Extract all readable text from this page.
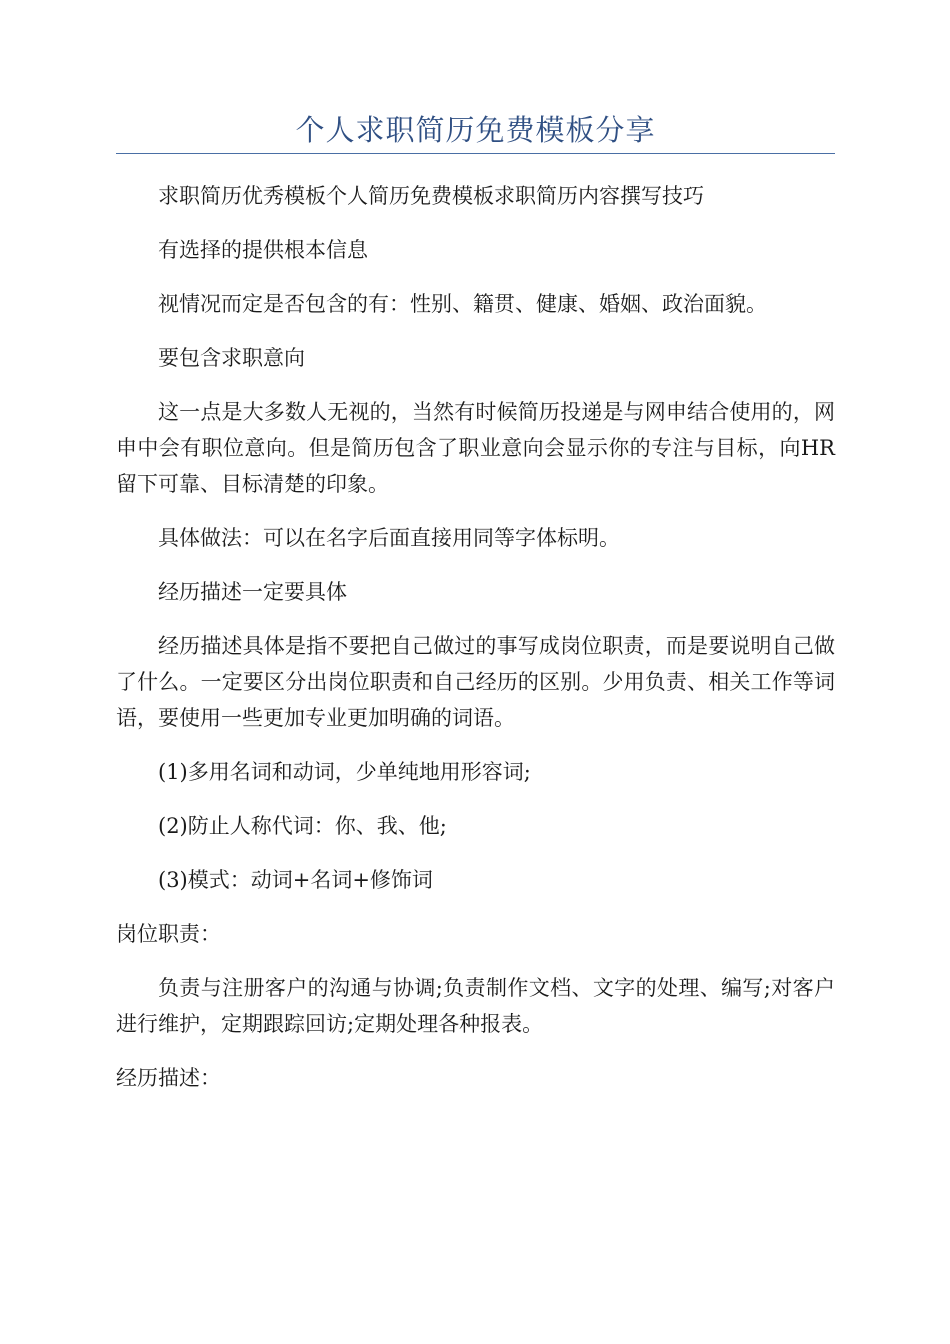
个人求职简历免费模板分享

求职简历优秀模板个人简历免费模板求职简历内容撰写技巧

有选择的提供根本信息

视情况而定是否包含的有：性别、籍贯、健康、婚姻、政治面貌。

要包含求职意向

这一点是大多数人无视的，当然有时候简历投递是与网申结合使用的，网申中会有职位意向。但是简历包含了职业意向会显示你的专注与目标，向HR留下可靠、目标清楚的印象。

具体做法：可以在名字后面直接用同等字体标明。

经历描述一定要具体

经历描述具体是指不要把自己做过的事写成岗位职责，而是要说明自己做了什么。一定要区分出岗位职责和自己经历的区别。少用负责、相关工作等词语，要使用一些更加专业更加明确的词语。

(1)多用名词和动词，少单纯地用形容词;

(2)防止人称代词：你、我、他;

(3)模式：动词+名词+修饰词

岗位职责：

负责与注册客户的沟通与协调;负责制作文档、文字的处理、编写;对客户进行维护，定期跟踪回访;定期处理各种报表。

经历描述：
